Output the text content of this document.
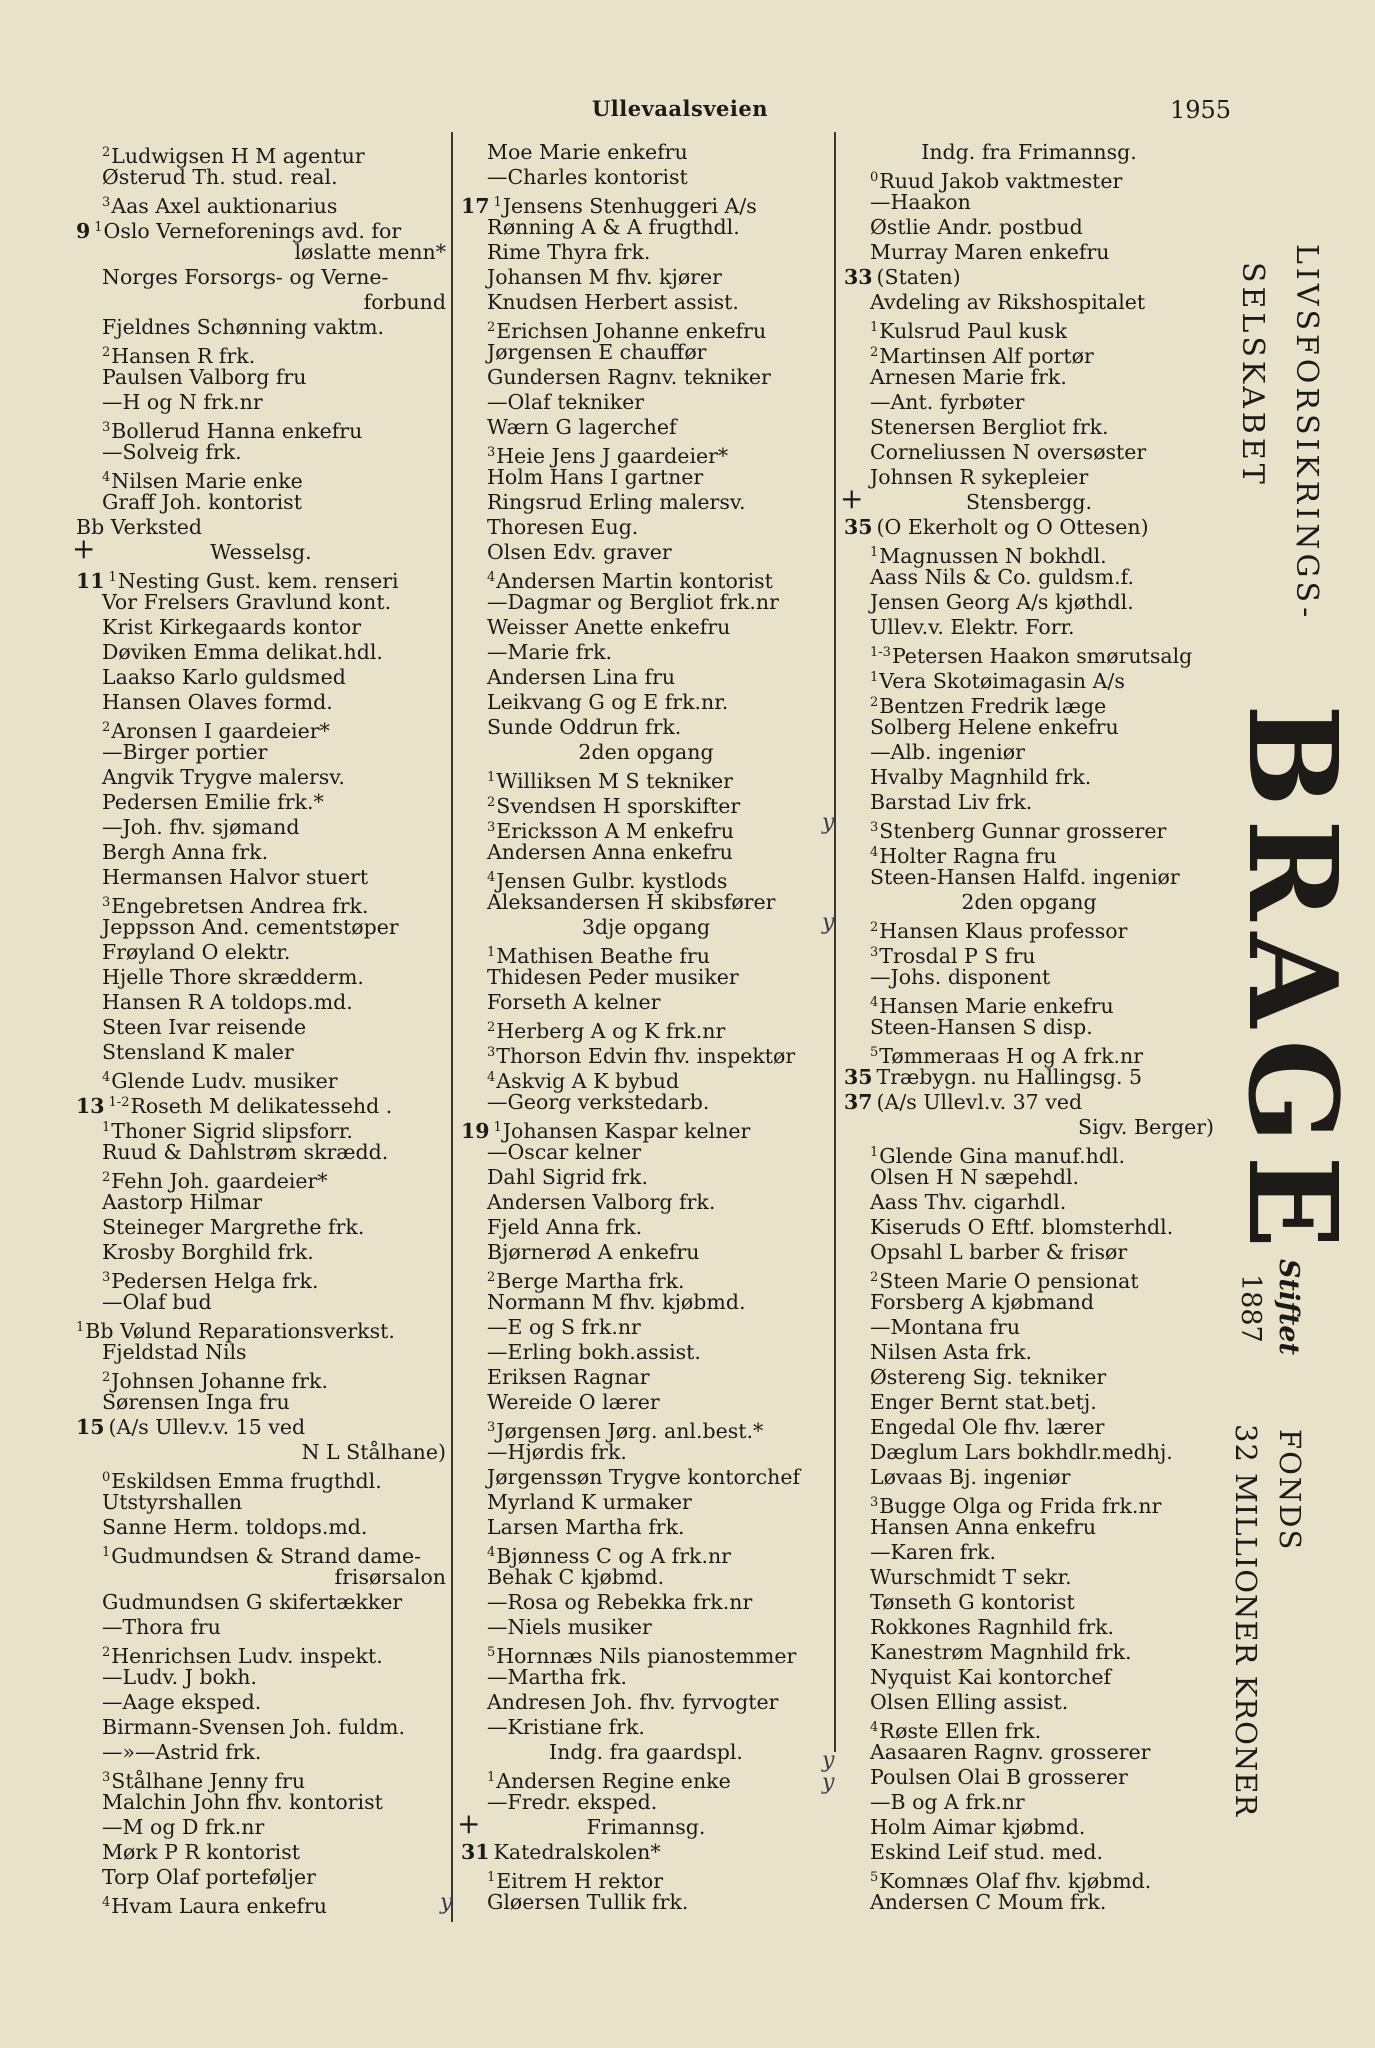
Ullevaalsveien	1955
$^2$Ludwigsen H M agentur
Østerud Th. stud. real.
$^3$Aas Axel auktionarius
9 $^1$Oslo Verneforenings avd. for
løslatte menn*
Norges Forsorgs- og Verne-
forbund
Fjeldnes Schønning vaktm.
$^2$Hansen R frk.
Paulsen Valborg fru
—H og N frk.nr
$^3$Bollerud Hanna enkefru
—Solveig frk.
$^4$Nilsen Marie enke
Graff Joh. kontorist
Bb Verksted
+	Wesselsg.
11 $^1$Nesting Gust. kem. renseri
Vor Frelsers Gravlund kont.
Krist Kirkegaards kontor
Døviken Emma delikat.hdl.
Laakso Karlo guldsmed
Hansen Olaves formd.
$^2$Aronsen I gaardeier*
—Birger portier
Angvik Trygve malersv.
Pedersen Emilie frk.*
—Joh. fhv. sjømand
Bergh Anna frk.
Hermansen Halvor stuert
$^3$Engebretsen Andrea frk.
Jeppsson And. cementstøper
Frøyland O elektr.
Hjelle Thore skrædderm.
Hansen R A toldops.md.
Steen Ivar reisende
Stensland K maler
$^4$Glende Ludv. musiker
13 $^{1-2}$Roseth M delikatessehd .
$^1$Thoner Sigrid slipsforr.
Ruud & Dahlstrøm skrædd.
$^2$Fehn Joh. gaardeier*
Aastorp Hilmar
Steineger Margrethe frk.
Krosby Borghild frk.
$^3$Pedersen Helga frk.
—Olaf bud
$^1$Bb Vølund Reparationsverkst.
Fjeldstad Nils
$^2$Johnsen Johanne frk.
Sørensen Inga fru
15 (A/s Ullev.v. 15 ved
N L Stålhane)
$^0$Eskildsen Emma frugthdl.
Utstyrshallen
Sanne Herm. toldops.md.
$^1$Gudmundsen & Strand dame-
frisørsalon
Gudmundsen G skifertækker
—Thora fru
$^2$Henrichsen Ludv. inspekt.
—Ludv. J bokh.
—Aage eksped.
Birmann-Svensen Joh. fuldm.
—»—Astrid frk.
$^3$Stålhane Jenny fru
Malchin John fhv. kontorist
—M og D frk.nr
Mørk P R kontorist
Torp Olaf porteføljer
$^4$Hvam Laura enkefru
Moe Marie enkefru
—Charles kontorist
17 $^1$Jensens Stenhuggeri A/s
Rønning A & A frugthdl.
Rime Thyra frk.
Johansen M fhv. kjører
Knudsen Herbert assist.
$^2$Erichsen Johanne enkefru
Jørgensen E chauffør
Gundersen Ragnv. tekniker
—Olaf tekniker
Wærn G lagerchef
$^3$Heie Jens J gaardeier*
Holm Hans I gartner
Ringsrud Erling malersv.
Thoresen Eug.
Olsen Edv. graver
$^4$Andersen Martin kontorist
—Dagmar og Bergliot frk.nr
Weisser Anette enkefru
—Marie frk.
Andersen Lina fru
Leikvang G og E frk.nr.
Sunde Oddrun frk.
2den opgang
$^1$Williksen M S tekniker
$^2$Svendsen H sporskifter
$^3$Ericksson A M enkefru
Andersen Anna enkefru
$^4$Jensen Gulbr. kystlods
Aleksandersen H skibsfører
3dje opgang
$^1$Mathisen Beathe fru
Thidesen Peder musiker
Forseth A kelner
$^2$Herberg A og K frk.nr
$^3$Thorson Edvin fhv. inspektør
$^4$Askvig A K bybud
—Georg verkstedarb.
19 $^1$Johansen Kaspar kelner
—Oscar kelner
Dahl Sigrid frk.
Andersen Valborg frk.
Fjeld Anna frk.
Bjørnerød A enkefru
$^2$Berge Martha frk.
Normann M fhv. kjøbmd.
—E og S frk.nr
—Erling bokh.assist.
Eriksen Ragnar
Wereide O lærer
$^3$Jørgensen Jørg. anl.best.*
—Hjørdis frk.
Jørgenssøn Trygve kontorchef
Myrland K urmaker
Larsen Martha frk.
$^4$Bjønness C og A frk.nr
Behak C kjøbmd.
—Rosa og Rebekka frk.nr
—Niels musiker
$^5$Hornnæs Nils pianostemmer
—Martha frk.
Andresen Joh. fhv. fyrvogter
—Kristiane frk.
Indg. fra gaardspl.
$^1$Andersen Regine enke
—Fredr. eksped.
+	Frimannsg.
31 Katedralskolen*
$^1$Eitrem H rektor
Gløersen Tullik frk.
Indg. fra Frimannsg.
$^0$Ruud Jakob vaktmester
—Haakon
Østlie Andr. postbud
Murray Maren enkefru
33 (Staten)
Avdeling av Rikshospitalet
$^1$Kulsrud Paul kusk
$^2$Martinsen Alf portør
Arnesen Marie frk.
—Ant. fyrbøter
Stenersen Bergliot frk.
Corneliussen N oversøster
Johnsen R sykepleier
+	Stensbergg.
35 (O Ekerholt og O Ottesen)
$^1$Magnussen N bokhdl.
Aass Nils & Co. guldsm.f.
Jensen Georg A/s kjøthdl.
Ullev.v. Elektr. Forr.
$^{1-3}$Petersen Haakon smørutsalg
$^1$Vera Skotøimagasin A/s
$^2$Bentzen Fredrik læge
Solberg Helene enkefru
—Alb. ingeniør
Hvalby Magnhild frk.
Barstad Liv frk.
$^3$Stenberg Gunnar grosserer
$^4$Holter Ragna fru
Steen-Hansen Halfd. ingeniør
2den opgang
$^2$Hansen Klaus professor
$^3$Trosdal P S fru
—Johs. disponent
$^4$Hansen Marie enkefru
Steen-Hansen S disp.
$^5$Tømmeraas H og A frk.nr
35 Træbygn. nu Hallingsg. 5
37 (A/s Ullevl.v. 37 ved
Sigv. Berger)
$^1$Glende Gina manuf.hdl.
Olsen H N sæpehdl.
Aass Thv. cigarhdl.
Kiseruds O Eftf. blomsterhdl.
Opsahl L barber & frisør
$^2$Steen Marie O pensionat
Forsberg A kjøbmand
—Montana fru
Nilsen Asta frk.
Østereng Sig. tekniker
Enger Bernt stat.betj.
Engedal Ole fhv. lærer
Dæglum Lars bokhdlr.medhj.
Løvaas Bj. ingeniør
$^3$Bugge Olga og Frida frk.nr
Hansen Anna enkefru
—Karen frk.
Wurschmidt T sekr.
Tønseth G kontorist
Rokkones Ragnhild frk.
Kanestrøm Magnhild frk.
Nyquist Kai kontorchef
Olsen Elling assist.
$^4$Røste Ellen frk.
Aasaaren Ragnv. grosserer
Poulsen Olai B grosserer
—B og A frk.nr
Holm Aimar kjøbmd.
Eskind Leif stud. med.
$^5$Komnæs Olaf fhv. kjøbmd.
Andersen C Moum frk.
y
y
y
y
y
LIVSFORSIKRINGS-
SELSKABET
BRAGE
Stiftet
1887
FONDS
32 MILLIONER KRONER
